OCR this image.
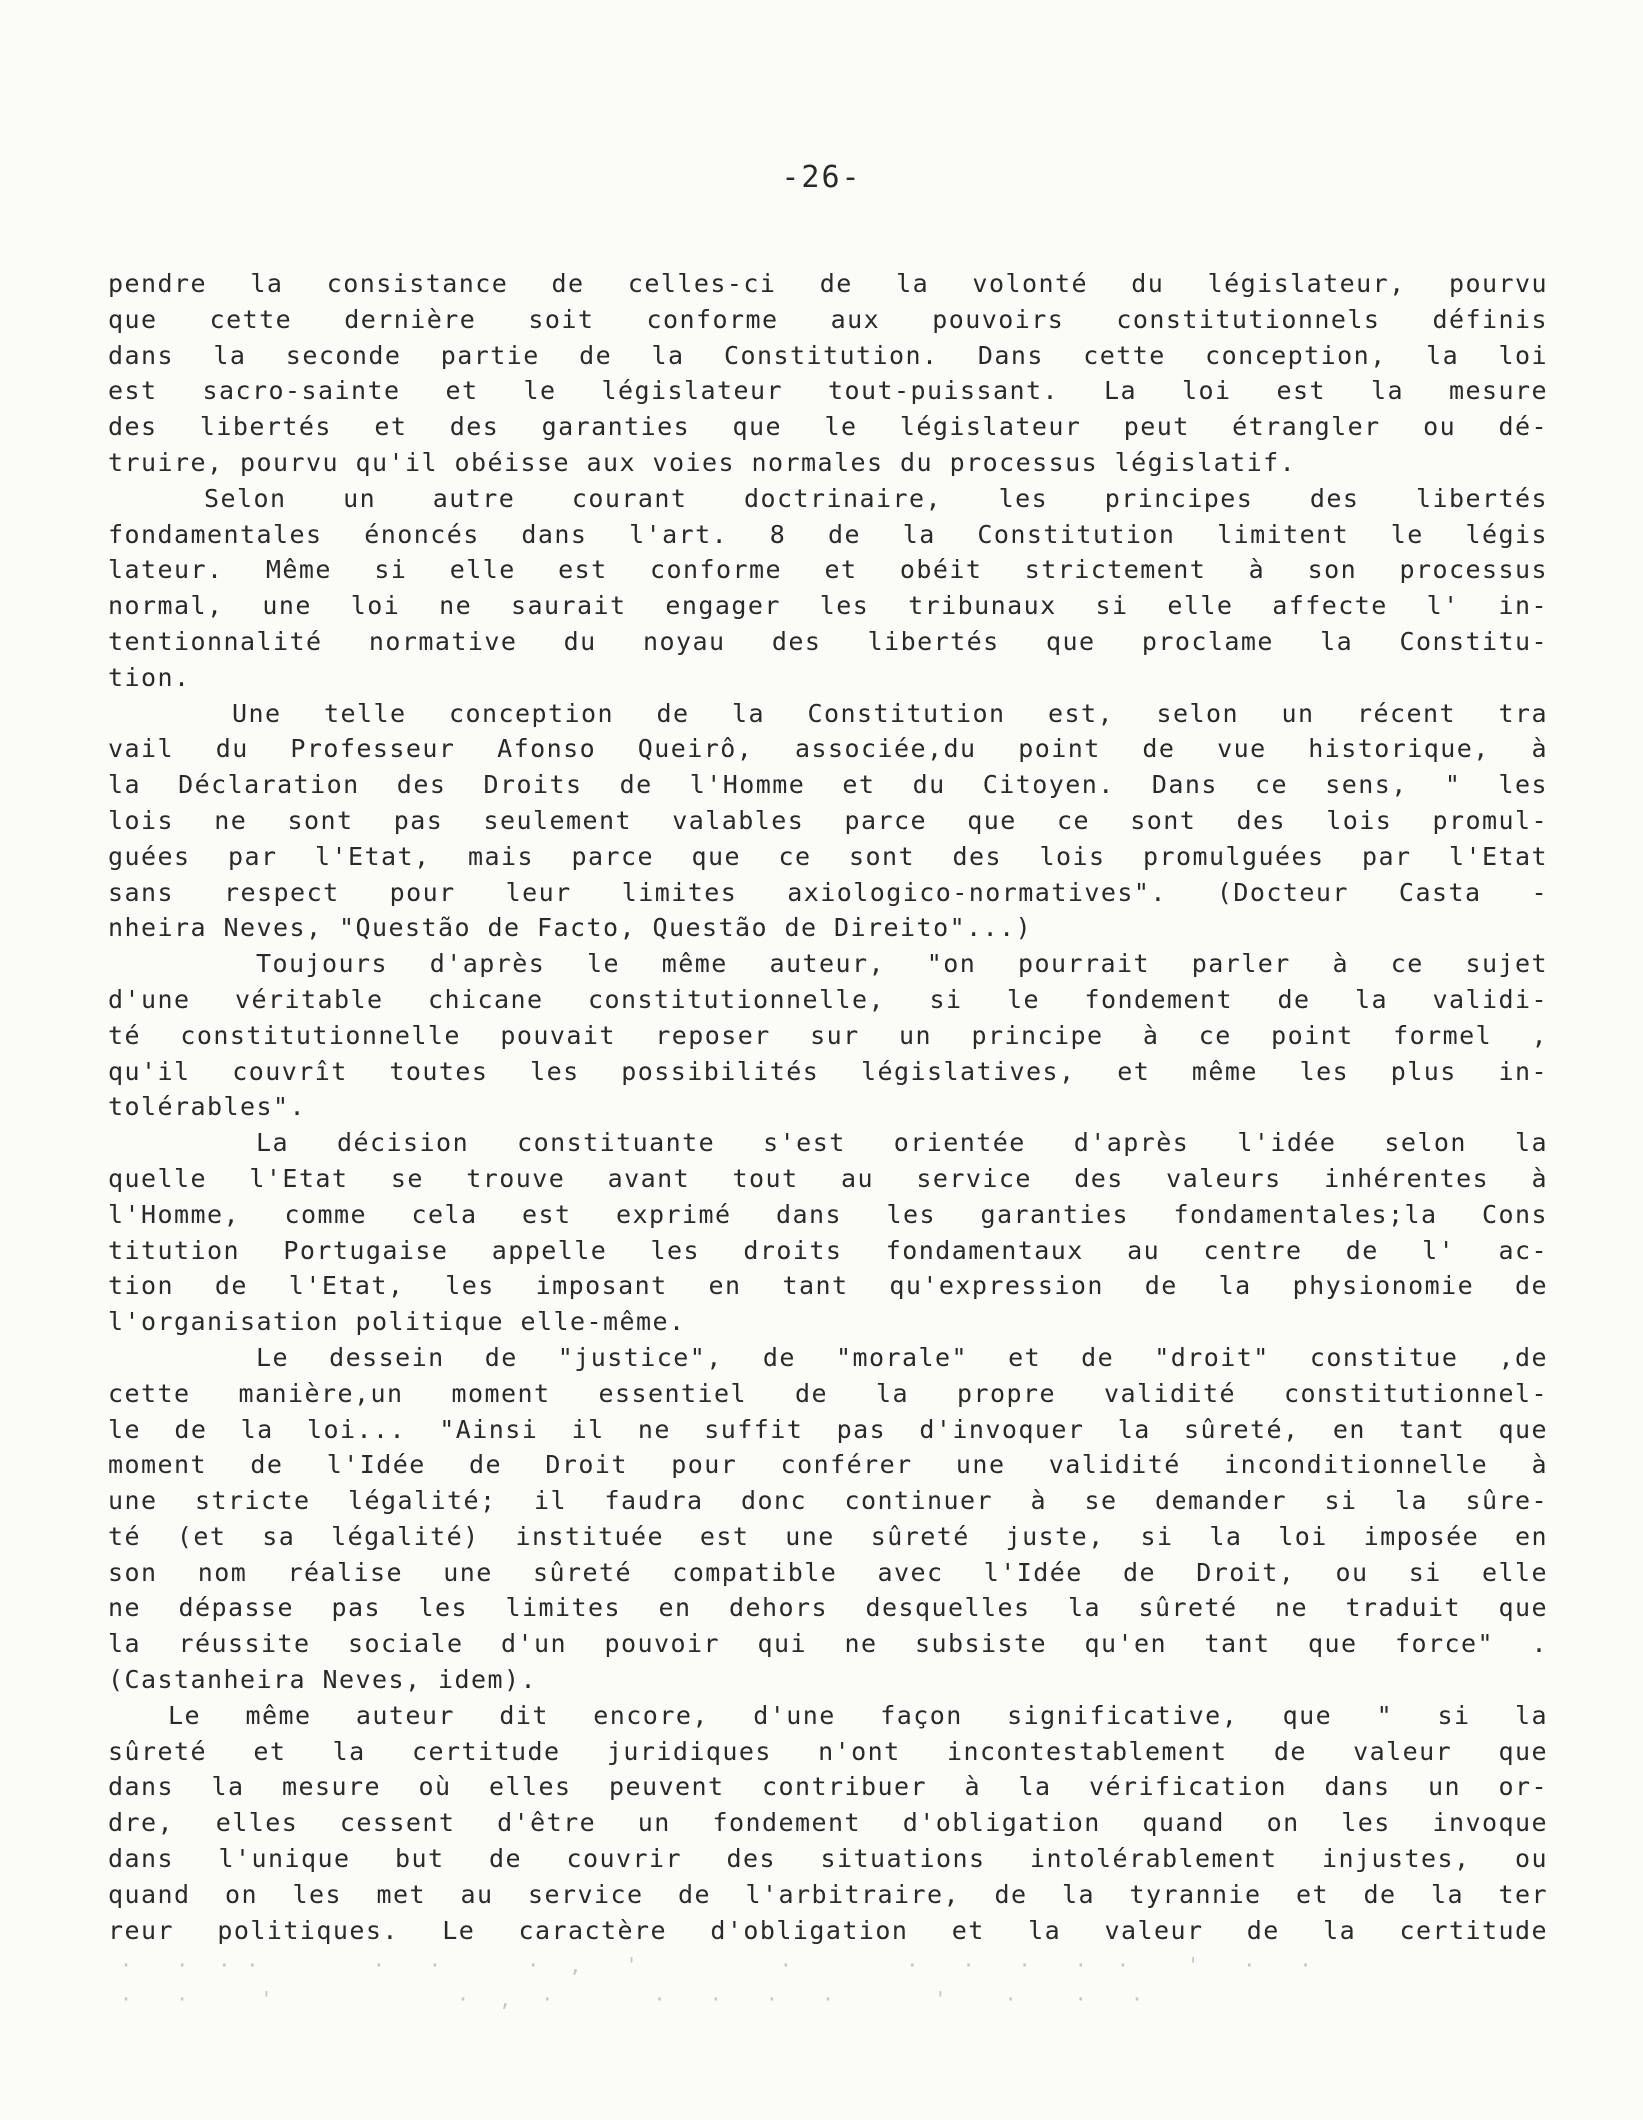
-26-
pendre la consistance de celles-ci de la volonté du législateur, pourvu
que cette dernière soit conforme aux pouvoirs constitutionnels définis
dans la seconde partie de la Constitution. Dans cette conception, la loi
est sacro-sainte et le législateur tout-puissant. La loi est la mesure
des libertés et des garanties que le législateur peut étrangler ou dé-
truire, pourvu qu'il obéisse aux voies normales du processus législatif.
Selon un autre courant doctrinaire, les principes des libertés
fondamentales énoncés dans l'art. 8 de la Constitution limitent le légis
lateur. Même si elle est conforme et obéit strictement à son processus
normal, une loi ne saurait engager les tribunaux si elle affecte l' in-
tentionnalité normative du noyau des libertés que proclame la Constitu-
tion.
Une telle conception de la Constitution est, selon un récent tra
vail du Professeur Afonso Queirô, associée,du point de vue historique, à
la Déclaration des Droits de l'Homme et du Citoyen. Dans ce sens, " les
lois ne sont pas seulement valables parce que ce sont des lois promul-
guées par l'Etat, mais parce que ce sont des lois promulguées par l'Etat
sans respect pour leur limites axiologico-normatives". (Docteur Casta -
nheira Neves, "Questão de Facto, Questão de Direito"...)
Toujours d'après le même auteur, "on pourrait parler à ce sujet
d'une véritable chicane constitutionnelle, si le fondement de la validi-
té constitutionnelle pouvait reposer sur un principe à ce point formel ,
qu'il couvrît toutes les possibilités législatives, et même les plus in-
tolérables".
La décision constituante s'est orientée d'après l'idée selon la
quelle l'Etat se trouve avant tout au service des valeurs inhérentes à
l'Homme, comme cela est exprimé dans les garanties fondamentales;la Cons
titution Portugaise appelle les droits fondamentaux au centre de l' ac-
tion de l'Etat, les imposant en tant qu'expression de la physionomie de
l'organisation politique elle-même.
Le dessein de "justice", de "morale" et de "droit" constitue ,de
cette manière,un moment essentiel de la propre validité constitutionnel-
le de la loi... "Ainsi il ne suffit pas d'invoquer la sûreté, en tant que
moment de l'Idée de Droit pour conférer une validité inconditionnelle à
une stricte légalité; il faudra donc continuer à se demander si la sûre-
té (et sa légalité) instituée est une sûreté juste, si la loi imposée en
son nom réalise une sûreté compatible avec l'Idée de Droit, ou si elle
ne dépasse pas les limites en dehors desquelles la sûreté ne traduit que
la réussite sociale d'un pouvoir qui ne subsiste qu'en tant que force" .
(Castanheira Neves, idem).
Le même auteur dit encore, d'une façon significative, que " si la
sûreté et la certitude juridiques n'ont incontestablement de valeur que
dans la mesure où elles peuvent contribuer à la vérification dans un or-
dre, elles cessent d'être un fondement d'obligation quand on les invoque
dans l'unique but de couvrir des situations intolérablement injustes, ou
quand on les met au service de l'arbitraire, de la tyrannie et de la ter
reur politiques. Le caractère d'obligation et la valeur de la certitude
·   ·  · ·        ·   ·      ·  ,   '          ·        ·   ·   ·   ·  ·    '   ·   ·
·   ·     '             ·  ,  ·       ·   ·   ·   ·       '    ·    ·   ·
